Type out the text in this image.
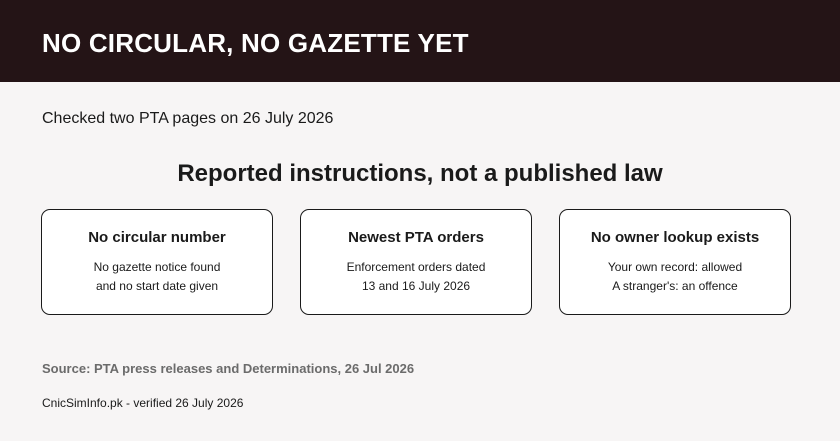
NO CIRCULAR, NO GAZETTE YET
Checked two PTA pages on 26 July 2026
Reported instructions, not a published law
No circular number
No gazette notice found
and no start date given
Newest PTA orders
Enforcement orders dated
13 and 16 July 2026
No owner lookup exists
Your own record: allowed
A stranger's: an offence
Source: PTA press releases and Determinations, 26 Jul 2026
CnicSimInfo.pk - verified 26 July 2026
